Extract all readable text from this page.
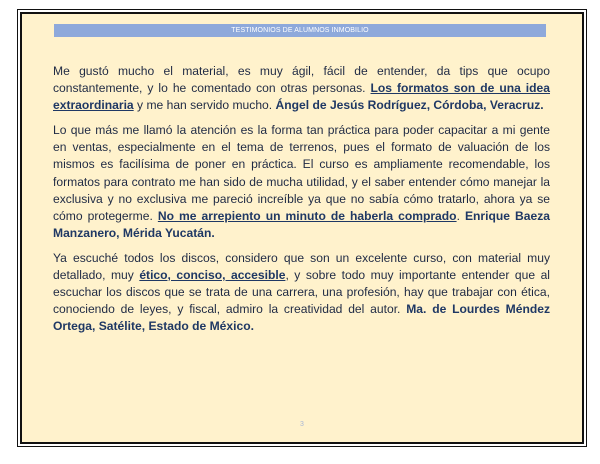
TESTIMONIOS DE ALUMNOS INMOBILIO

Me gustó mucho el material, es muy ágil, fácil de entender, da tips que ocupo constantemente, y lo he comentado con otras personas. Los formatos son de una idea extraordinaria y me han servido mucho. Ángel de Jesús Rodríguez, Córdoba, Veracruz.

Lo que más me llamó la atención es la forma tan práctica para poder capacitar a mi gente en ventas, especialmente en el tema de terrenos, pues el formato de valuación de los mismos es facilísima de poner en práctica. El curso es ampliamente recomendable, los formatos para contrato me han sido de mucha utilidad, y el saber entender cómo manejar la exclusiva y no exclusiva me pareció increíble ya que no sabía cómo tratarlo, ahora ya se cómo protegerme. No me arrepiento un minuto de haberla comprado. Enrique Baeza Manzanero, Mérida Yucatán.

Ya escuché todos los discos, considero que son un excelente curso, con material muy detallado, muy ético, conciso, accesible, y sobre todo muy importante entender que al escuchar los discos que se trata de una carrera, una profesión, hay que trabajar con ética, conociendo de leyes, y fiscal, admiro la creatividad del autor. Ma. de Lourdes Méndez Ortega, Satélite, Estado de México.

3
